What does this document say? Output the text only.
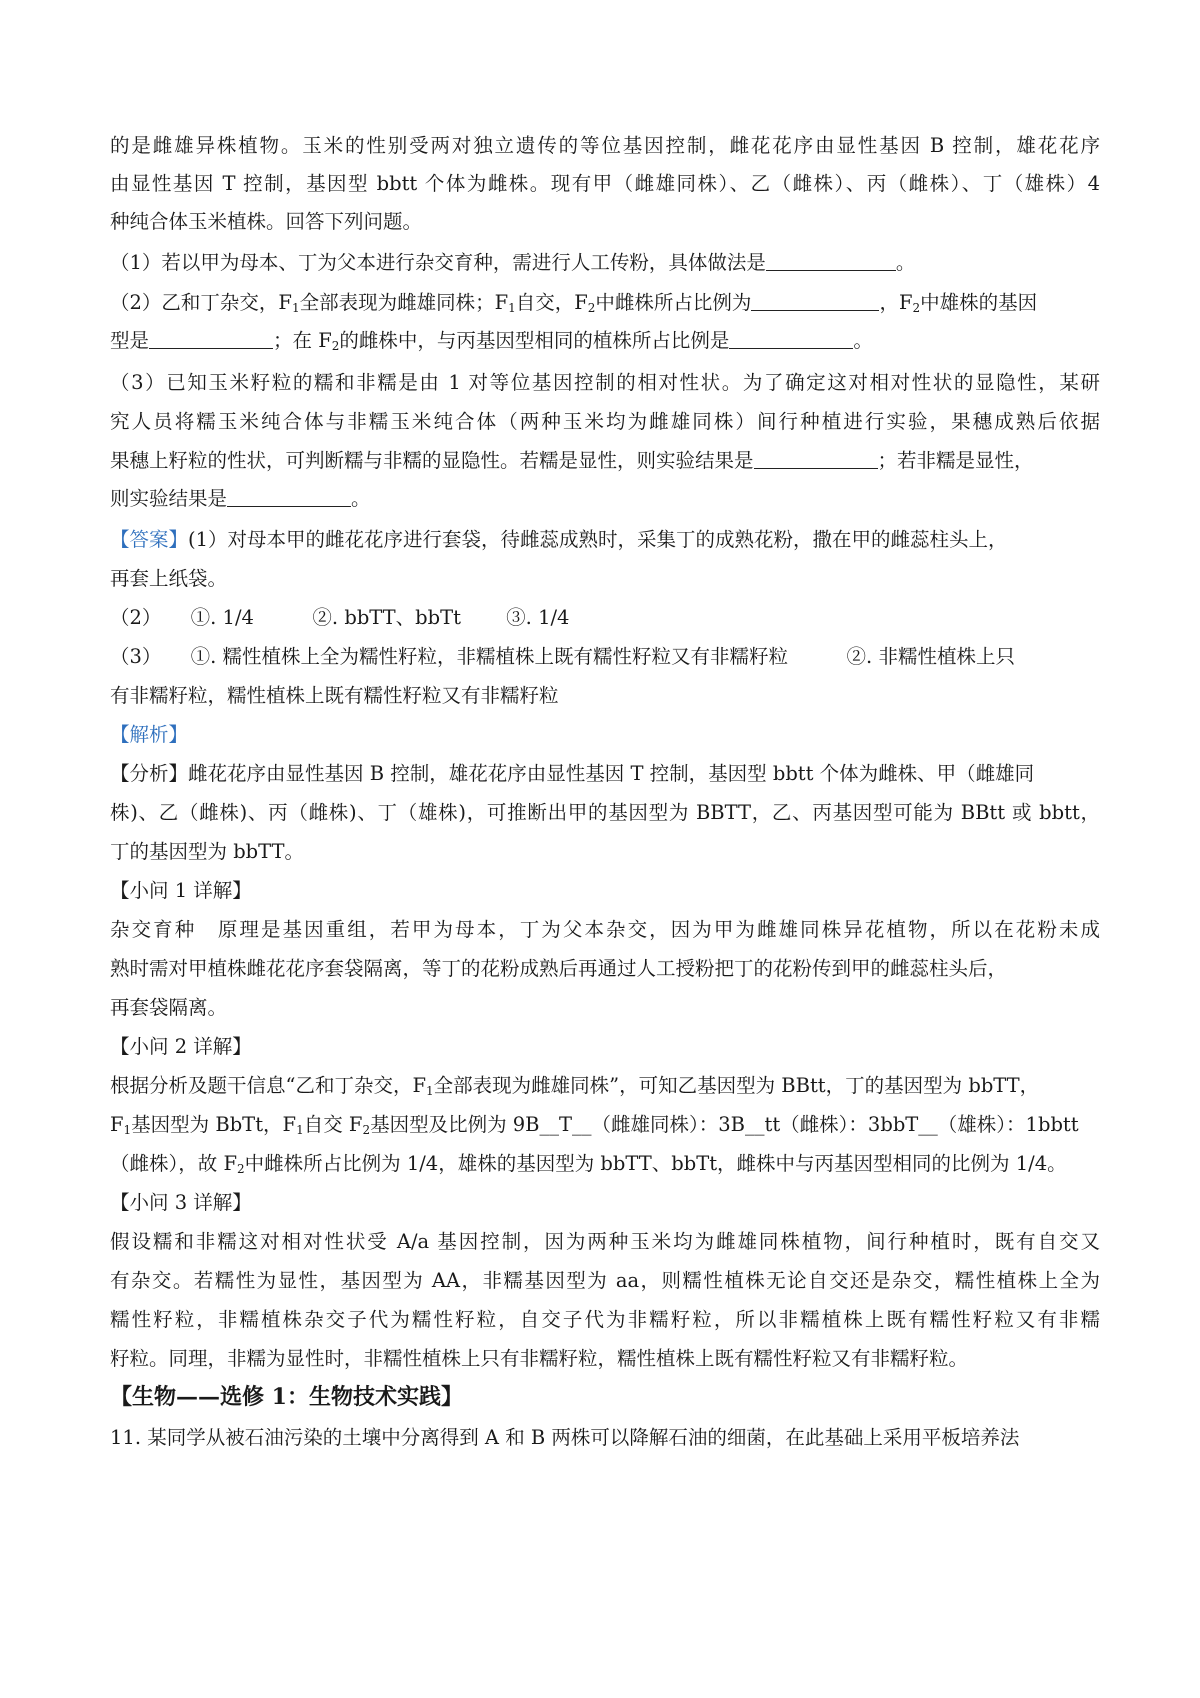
的是雌雄异株植物。玉米的性别受两对独立遗传的等位基因控制，雌花花序由显性基因 B 控制，雄花花序
由显性基因 T 控制，基因型 bbtt 个体为雌株。现有甲（雌雄同株）、乙（雌株）、丙（雌株）、丁（雄株）4
种纯合体玉米植株。回答下列问题。
（1）若以甲为母本、丁为父本进行杂交育种，需进行人工传粉，具体做法是	。
（2）乙和丁杂交，$F_1$全部表现为雌雄同株；$F_1$自交，$F_2$中雌株所占比例为	，$F_2$中雄株的基因
型是	；在 $F_2$的雌株中，与丙基因型相同的植株所占比例是	。
（3）已知玉米籽粒的糯和非糯是由 1 对等位基因控制的相对性状。为了确定这对相对性状的显隐性，某研
究人员将糯玉米纯合体与非糯玉米纯合体（两种玉米均为雌雄同株）间行种植进行实验，果穗成熟后依据
果穗上籽粒的性状，可判断糯与非糯的显隐性。若糯是显性，则实验结果是	；若非糯是显性，
则实验结果是	。
【答案】(1）对母本甲的雌花花序进行套袋，待雌蕊成熟时，采集丁的成熟花粉，撒在甲的雌蕊柱头上，
再套上纸袋。
（2）　　①. 1/4　　　②. bbTT、bbTt　　 ③. 1/4
（3）　　①. 糯性植株上全为糯性籽粒，非糯植株上既有糯性籽粒又有非糯籽粒　　　②. 非糯性植株上只
有非糯籽粒，糯性植株上既有糯性籽粒又有非糯籽粒
【解析】
【分析】雌花花序由显性基因 B 控制，雄花花序由显性基因 T 控制，基因型 bbtt 个体为雌株、甲（雌雄同
株)、乙（雌株)、丙（雌株)、丁（雄株)，可推断出甲的基因型为 BBTT，乙、丙基因型可能为 BBtt 或 bbtt，
丁的基因型为 bbTT。
【小问 1 详解】
杂交育种　原理是基因重组，若甲为母本，丁为父本杂交，因为甲为雌雄同株异花植物，所以在花粉未成
熟时需对甲植株雌花花序套袋隔离，等丁的花粉成熟后再通过人工授粉把丁的花粉传到甲的雌蕊柱头后，
再套袋隔离。
【小问 2 详解】
根据分析及题干信息“乙和丁杂交，$F_1$全部表现为雌雄同株”，可知乙基因型为 BBtt，丁的基因型为 bbTT，
$F_1$基因型为 BbTt，$F_1$自交 $F_2$基因型及比例为 9B__T__（雌雄同株）：3B__tt（雌株）：3bbT__（雄株）：1bbtt
（雌株），故 $F_2$中雌株所占比例为 1/4，雄株的基因型为 bbTT、bbTt，雌株中与丙基因型相同的比例为 1/4。
【小问 3 详解】
假设糯和非糯这对相对性状受 A/a 基因控制，因为两种玉米均为雌雄同株植物，间行种植时，既有自交又
有杂交。若糯性为显性，基因型为 AA，非糯基因型为 aa，则糯性植株无论自交还是杂交，糯性植株上全为
糯性籽粒，非糯植株杂交子代为糯性籽粒，自交子代为非糯籽粒，所以非糯植株上既有糯性籽粒又有非糯
籽粒。同理，非糯为显性时，非糯性植株上只有非糯籽粒，糯性植株上既有糯性籽粒又有非糯籽粒。
【生物——选修 1：生物技术实践】
11. 某同学从被石油污染的土壤中分离得到 A 和 B 两株可以降解石油的细菌，在此基础上采用平板培养法
